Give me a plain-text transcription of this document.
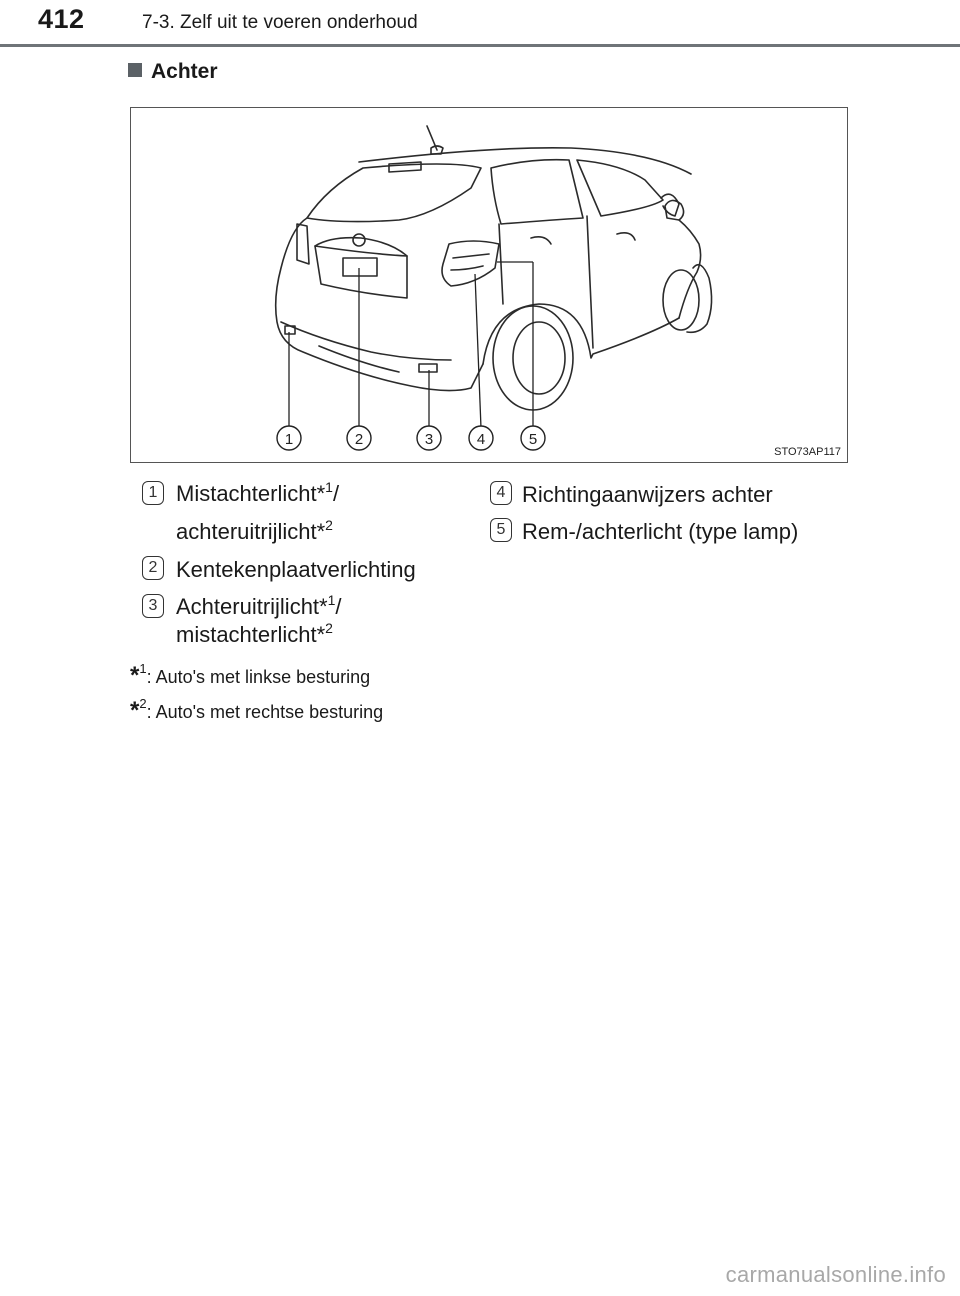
412	7-3. Zelf uit te voeren onderhoud
Achter
1	2	3	4	5
STO73AP117
1 Mistachterlicht*$^1$/
achteruitrijlicht*$^2$
2 Kentekenplaatverlichting
3 Achteruitrijlicht*$^1$/
mistachterlicht*$^2$
4 Richtingaanwijzers achter
5 Rem-/achterlicht (type lamp)
*$^1$: Auto's met linkse besturing
*$^2$: Auto's met rechtse besturing
carmanualsonline.info
